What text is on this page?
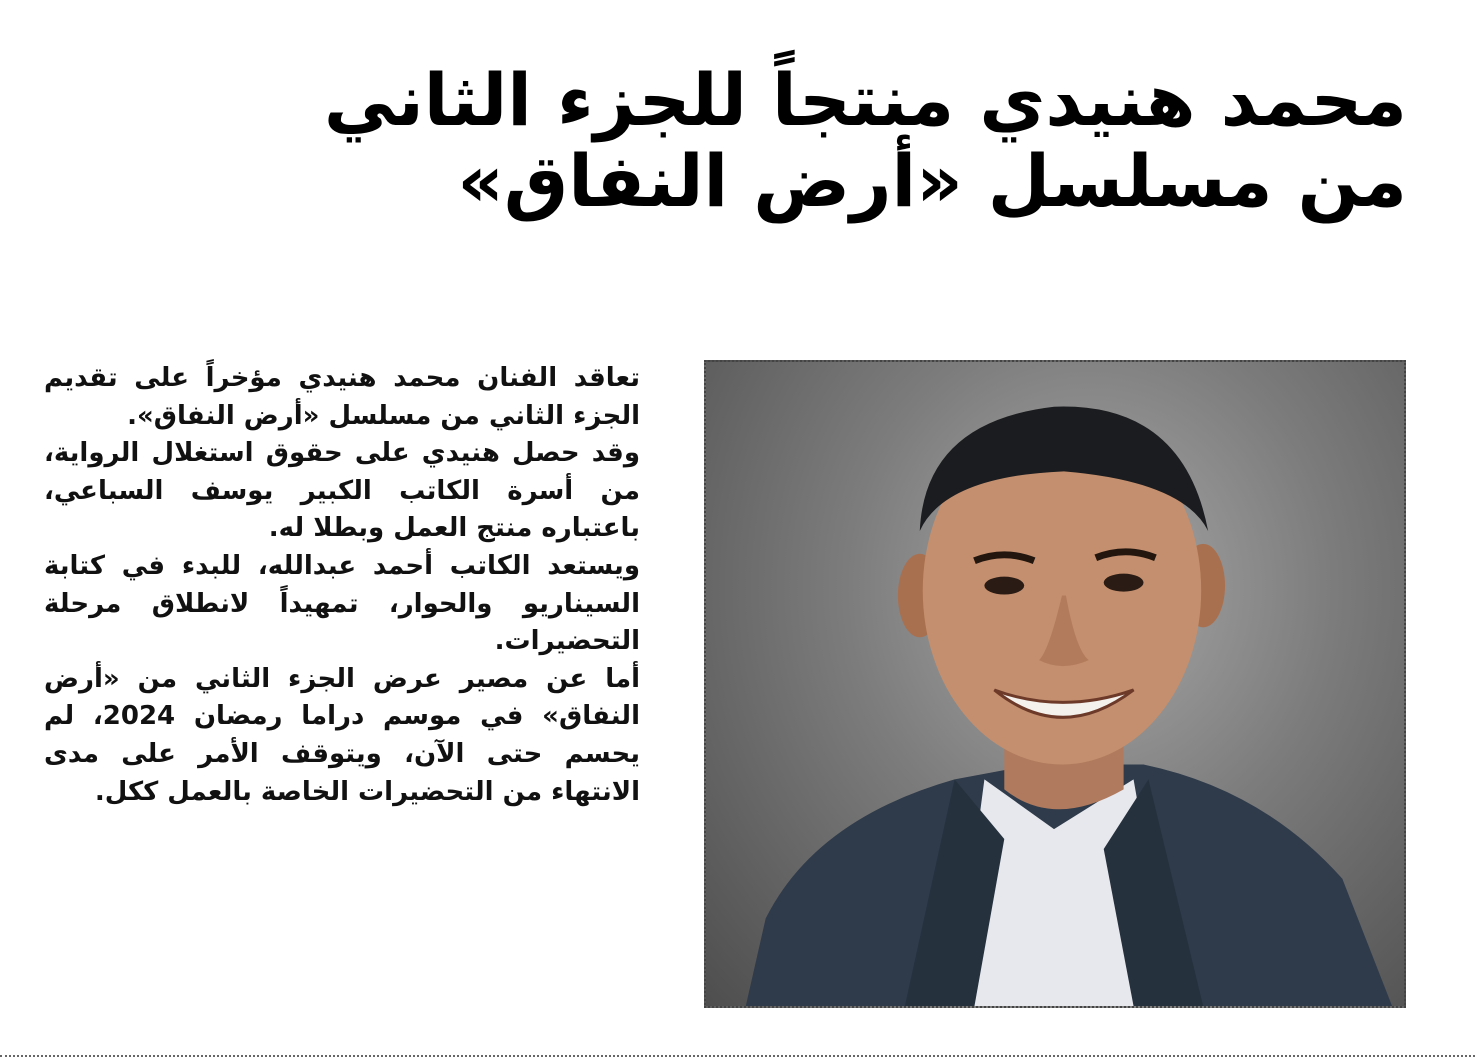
محمد هنيدي منتجاً للجزء الثاني
من مسلسل «أرض النفاق»

تعاقد الفنان محمد هنيدي مؤخراً على تقديم الجزء الثاني من مسلسل «أرض النفاق».

وقد حصل هنيدي على حقوق استغلال الرواية، من أسرة الكاتب الكبير يوسف السباعي، باعتباره منتج العمل وبطلا له.

ويستعد الكاتب أحمد عبدالله، للبدء في كتابة السيناريو والحوار، تمهيداً لانطلاق مرحلة التحضيرات.

أما عن مصير عرض الجزء الثاني من «أرض النفاق» في موسم دراما رمضان 2024، لم يحسم حتى الآن، ويتوقف الأمر على مدى الانتهاء من التحضيرات الخاصة بالعمل ككل.
